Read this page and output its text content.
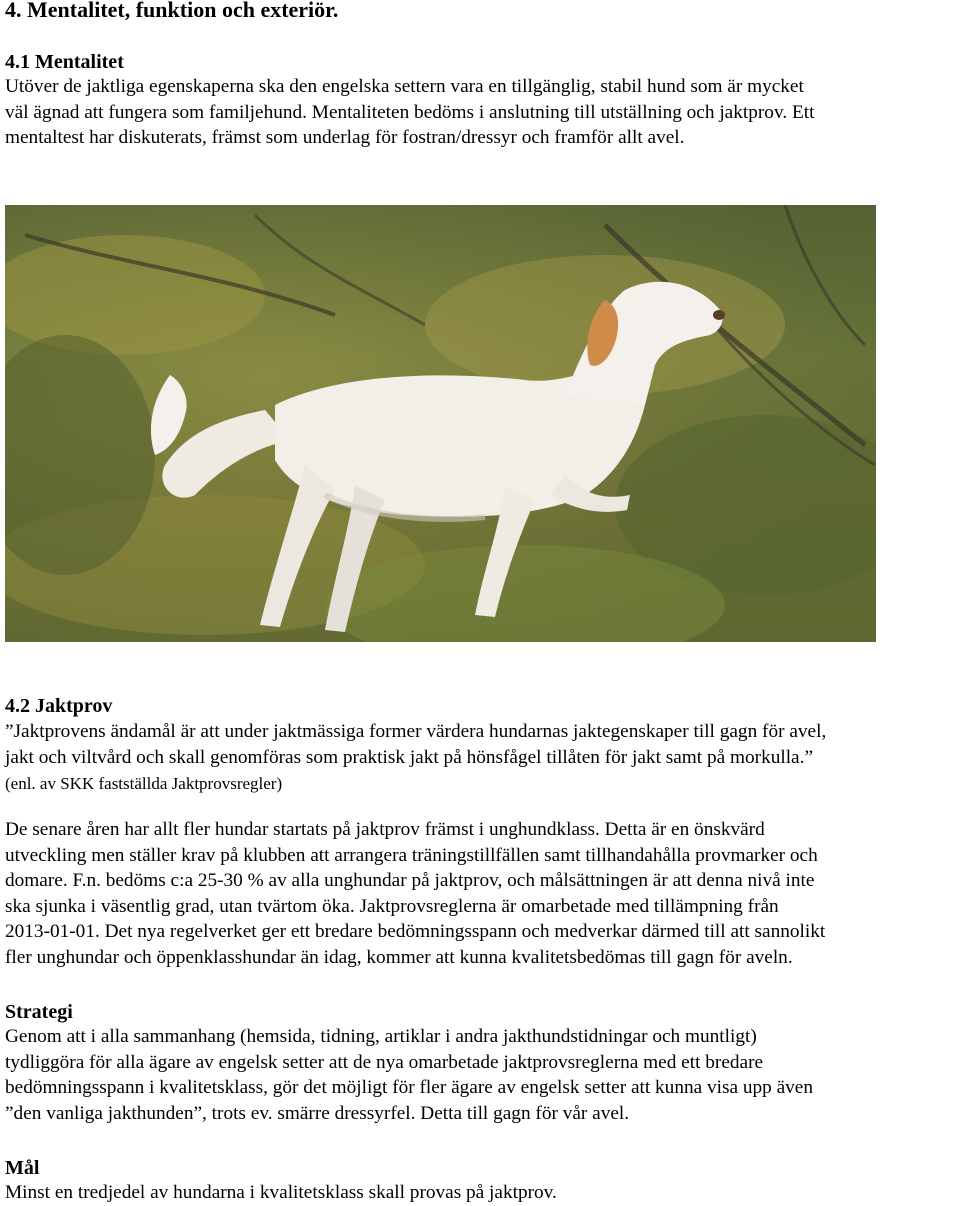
4. Mentalitet, funktion och exteriör.
4.1 Mentalitet
Utöver de jaktliga egenskaperna ska den engelska settern vara en tillgänglig, stabil hund som är mycket
väl ägnad att fungera som familjehund. Mentaliteten bedöms i anslutning till utställning och jaktprov. Ett
mentaltest har diskuterats, främst som underlag för fostran/dressyr och framför allt avel.
4.2 Jaktprov
”Jaktprovens ändamål är att under jaktmässiga former värdera hundarnas jaktegenskaper till gagn för avel,
jakt och viltvård och skall genomföras som praktisk jakt på hönsfågel tillåten för jakt samt på morkulla.”
(enl. av SKK fastställda Jaktprovsregler)
De senare åren har allt fler hundar startats på jaktprov främst i unghundklass. Detta är en önskvärd
utveckling men ställer krav på klubben att arrangera träningstillfällen samt tillhandahålla provmarker och
domare. F.n. bedöms c:a 25-30 % av alla unghundar på jaktprov, och målsättningen är att denna nivå inte
ska sjunka i väsentlig grad, utan tvärtom öka. Jaktprovsreglerna är omarbetade med tillämpning från
2013-01-01. Det nya regelverket ger ett bredare bedömningsspann och medverkar därmed till att sannolikt
fler unghundar och öppenklasshundar än idag, kommer att kunna kvalitetsbedömas till gagn för aveln.
Strategi
Genom att i alla sammanhang (hemsida, tidning, artiklar i andra jakthundstidningar och muntligt)
tydliggöra för alla ägare av engelsk setter att de nya omarbetade jaktprovsreglerna med ett bredare
bedömningsspann i kvalitetsklass, gör det möjligt för fler ägare av engelsk setter att kunna visa upp även
”den vanliga jakthunden”, trots ev. smärre dressyrfel. Detta till gagn för vår avel.
Mål
Minst en tredjedel av hundarna i kvalitetsklass skall provas på jaktprov.
